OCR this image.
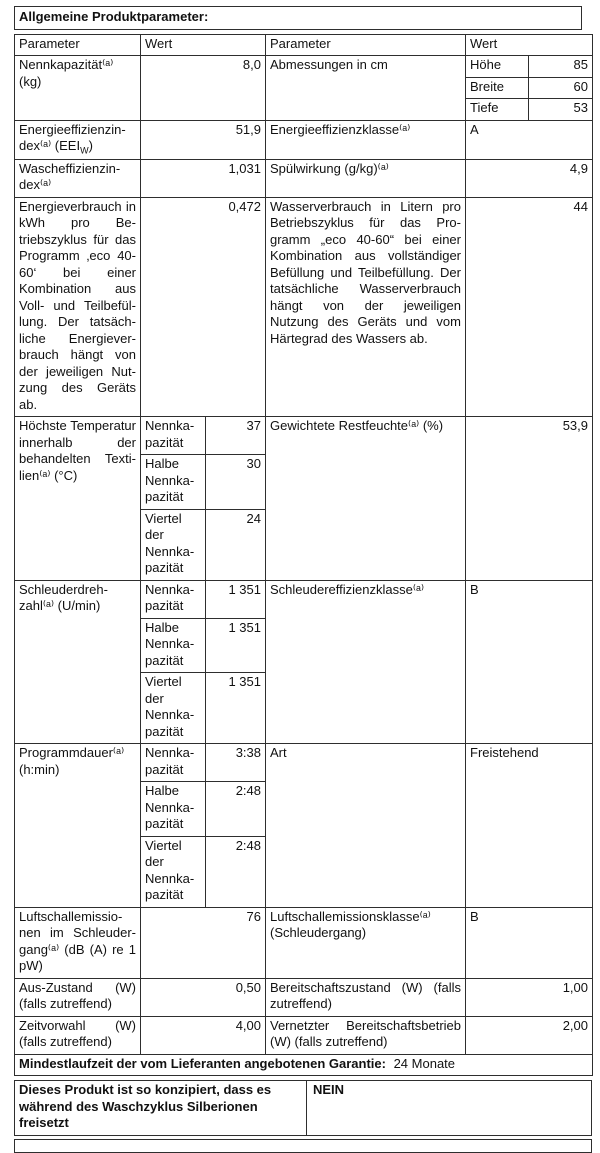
Allgemeine Produktparameter:
Parameter	Wert		Parameter	Wert	
Nennkapazität⁽ᵃ⁾ (kg)	8,0		Abmessungen in cm	Höhe	85
				Breite	60
				Tiefe	53
Energieeffizienzindex⁽ᵃ⁾ $(EEI_W)$	51,9		Energieeffizienzklasse⁽ᵃ⁾	A	
Wascheffizienzindex⁽ᵃ⁾	1,031		Spülwirkung (g/kg)⁽ᵃ⁾	4,9	
Energieverbrauch in kWh pro Betriebszyklus für das Programm ‚eco 40-60‘ bei einer Kombination aus Voll- und Teilbefüllung. Der tatsächliche Energieverbrauch hängt von der jeweiligen Nutzung des Geräts ab.	0,472	Wasserverbrauch in Litern pro Betriebszyklus für das Programm „eco 40-60“ bei einer Kombination aus vollständiger Befüllung und Teilbefüllung. Der tatsächliche Wasserverbrauch hängt von der jeweiligen Nutzung des Geräts und vom Härtegrad des Wassers ab.	44
Höchste Temperatur innerhalb der behandelten Textilien⁽ᵃ⁾ (°C)	Nennkapazität	37	Gewichtete Restfeuchte⁽ᵃ⁾ (%)	53,9	
	Halbe Nennkapazität	30			
	Viertel der Nennkapazität	24			
Schleuderdrehzahl⁽ᵃ⁾ (U/min)	Nennkapazität	1 351	Schleudereffizienzklasse⁽ᵃ⁾	B	
	Halbe Nennkapazität	1 351			
	Viertel der Nennkapazität	1 351			
Programmdauer⁽ᵃ⁾ (h:min)	Nennkapazität	3:38	Art	Freistehend	
	Halbe Nennkapazität	2:48			
	Viertel der Nennkapazität	2:48			
Luftschallemissionen im Schleudergang⁽ᵃ⁾ (dB (A) re 1 pW)	76		Luftschallemissionsklasse⁽ᵃ⁾ (Schleudergang)	B	
Aus-Zustand (W) (falls zutreffend)	0,50		Bereitschaftszustand (W) (falls zutreffend)	1,00	
Zeitvorwahl (W) (falls zutreffend)	4,00		Vernetzter Bereitschaftsbetrieb (W) (falls zutreffend)	2,00	
Mindestlaufzeit der vom Lieferanten angebotenen Garantie: 24 Monate					
Dieses Produkt ist so konzipiert, dass es während des Waschzyklus Silberionen freisetzt
NEIN
